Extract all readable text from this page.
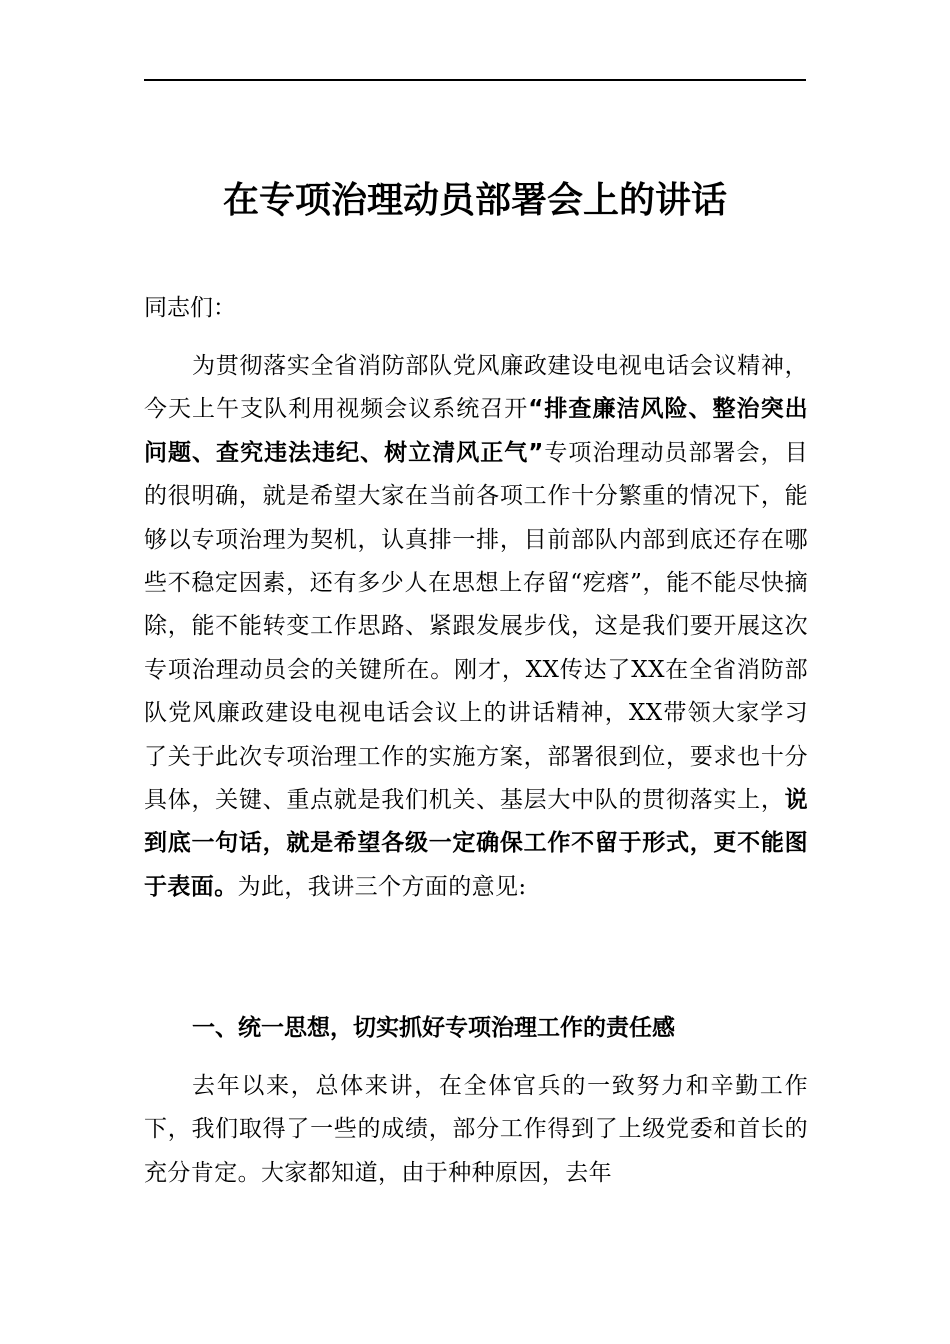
在专项治理动员部署会上的讲话

同志们：

为贯彻落实全省消防部队党风廉政建设电视电话会议精神，今天上午支队利用视频会议系统召开“排查廉洁风险、整治突出问题、查究违法违纪、树立清风正气”专项治理动员部署会，目的很明确，就是希望大家在当前各项工作十分繁重的情况下，能够以专项治理为契机，认真排一排，目前部队内部到底还存在哪些不稳定因素，还有多少人在思想上存留“疙瘩”，能不能尽快摘除，能不能转变工作思路、紧跟发展步伐，这是我们要开展这次专项治理动员会的关键所在。刚才，XX传达了XX在全省消防部队党风廉政建设电视电话会议上的讲话精神，XX带领大家学习了关于此次专项治理工作的实施方案，部署很到位，要求也十分具体，关键、重点就是我们机关、基层大中队的贯彻落实上，说到底一句话，就是希望各级一定确保工作不留于形式，更不能图于表面。为此，我讲三个方面的意见:

一、统一思想，切实抓好专项治理工作的责任感

去年以来，总体来讲，在全体官兵的一致努力和辛勤工作下，我们取得了一些的成绩，部分工作得到了上级党委和首长的充分肯定。大家都知道，由于种种原因，去年
